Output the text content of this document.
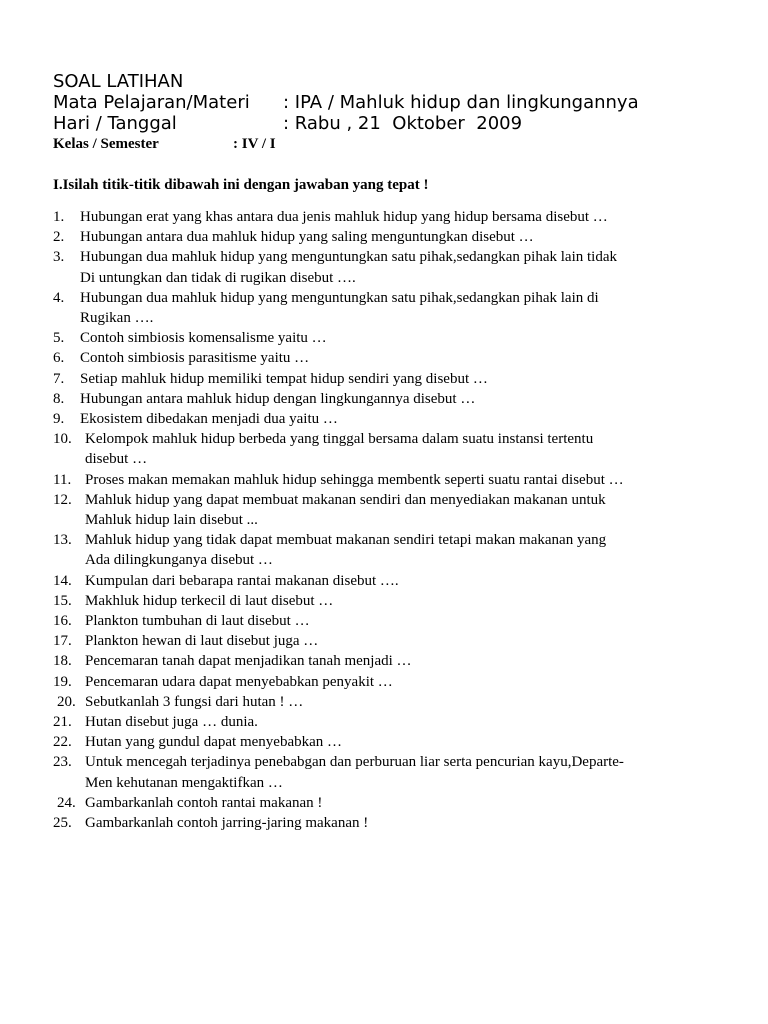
SOAL LATIHAN
Mata Pelajaran/Materi : IPA / Mahluk hidup dan lingkungannya
Hari / Tanggal	: Rabu , 21  Oktober  2009
Kelas / Semester	: IV / I
I.Isilah titik-titik dibawah ini dengan jawaban yang tepat !
1.	Hubungan erat yang khas antara dua jenis mahluk hidup yang hidup bersama disebut …
2.	Hubungan antara dua mahluk hidup yang saling menguntungkan disebut …
3.	Hubungan dua mahluk hidup yang menguntungkan satu pihak,sedangkan pihak lain tidak
Di untungkan dan tidak di rugikan disebut ….
4.	Hubungan dua mahluk hidup yang menguntungkan satu pihak,sedangkan pihak lain di
Rugikan ….
5.	Contoh simbiosis komensalisme yaitu …
6.	Contoh simbiosis parasitisme yaitu …
7.	Setiap mahluk hidup memiliki tempat hidup sendiri yang disebut …
8.	Hubungan antara mahluk hidup dengan lingkungannya disebut …
9.	Ekosistem dibedakan menjadi dua yaitu …
10. Kelompok mahluk hidup berbeda yang tinggal bersama dalam suatu instansi tertentu
disebut …
11. Proses makan memakan mahluk hidup sehingga membentk seperti suatu rantai disebut …
12. Mahluk hidup yang dapat membuat makanan sendiri dan menyediakan makanan untuk
Mahluk hidup lain disebut ...
13. Mahluk hidup yang tidak dapat membuat makanan sendiri tetapi makan makanan yang
Ada dilingkunganya disebut …
14. Kumpulan dari bebarapa rantai makanan disebut ….
15. Makhluk hidup terkecil di laut disebut …
16. Plankton tumbuhan di laut disebut …
17. Plankton hewan di laut disebut juga …
18. Pencemaran tanah dapat menjadikan tanah menjadi …
19. Pencemaran udara dapat menyebabkan penyakit …
20. Sebutkanlah 3 fungsi dari hutan ! …
21. Hutan disebut juga … dunia.
22. Hutan yang gundul dapat menyebabkan …
23. Untuk mencegah terjadinya penebabgan dan perburuan liar serta pencurian kayu,Departe-
Men kehutanan mengaktifkan …
24. Gambarkanlah contoh rantai makanan !
25. Gambarkanlah contoh jarring-jaring makanan !
